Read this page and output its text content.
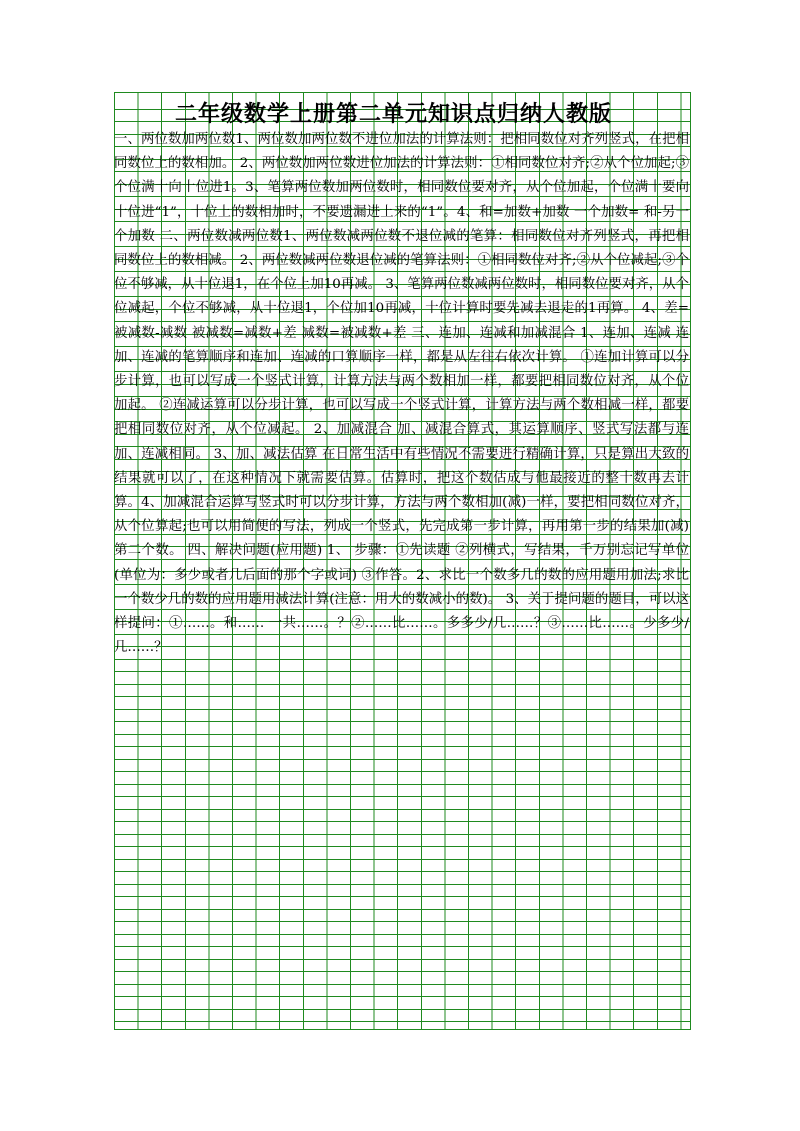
二年级数学上册第二单元知识点归纳人教版

一、两位数加两位数1、两位数加两位数不进位加法的计算法则：把相同数位对齐列竖式，在把相同数位上的数相加。 2、两位数加两位数进位加法的计算法则：①相同数位对齐;②从个位加起;③个位满十向十位进1。3、笔算两位数加两位数时，相同数位要对齐，从个位加起，个位满十要向十位进“1”，十位上的数相加时，不要遗漏进上来的“1”。4、和=加数+加数 一个加数= 和-另一个加数 二、两位数减两位数1、两位数减两位数不退位减的笔算：相同数位对齐列竖式，再把相同数位上的数相减。 2、两位数减两位数退位减的笔算法则：①相同数位对齐;②从个位减起;③个位不够减，从十位退1，在个位上加10再减。 3、笔算两位数减两位数时，相同数位要对齐，从个位减起，个位不够减，从十位退1，个位加10再减，十位计算时要先减去退走的1再算。 4、差=被减数-减数 被减数=减数+差 减数=被减数+差 三、连加、连减和加减混合 1、连加、连减 连加、连减的笔算顺序和连加、连减的口算顺序一样，都是从左往右依次计算。 ①连加计算可以分步计算，也可以写成一个竖式计算，计算方法与两个数相加一样，都要把相同数位对齐，从个位加起。 ②连减运算可以分步计算，也可以写成一个竖式计算，计算方法与两个数相减一样，都要把相同数位对齐，从个位减起。 2、加减混合 加、减混合算式，其运算顺序、竖式写法都与连加、连减相同。 3、加、减法估算 在日常生活中有些情况不需要进行精确计算，只是算出大致的结果就可以了，在这种情况下就需要估算。估算时，把这个数估成与他最接近的整十数再去计算。4、加减混合运算写竖式时可以分步计算，方法与两个数相加(减)一样，要把相同数位对齐，从个位算起;也可以用简便的写法，列成一个竖式，先完成第一步计算，再用第一步的结果加(减)第二个数。 四、解决问题(应用题) 1、 步骤：①先读题 ②列横式，写结果，千万别忘记写单位(单位为：多少或者几后面的那个字或词) ③作答。2、求比一个数多几的数的应用题用加法;求比一个数少几的数的应用题用减法计算(注意：用大的数减小的数)。 3、关于提问题的题目，可以这样提问：①……。和…… 一共……。？②……比……。多多少/几……？③……比……。少多少/几……？
